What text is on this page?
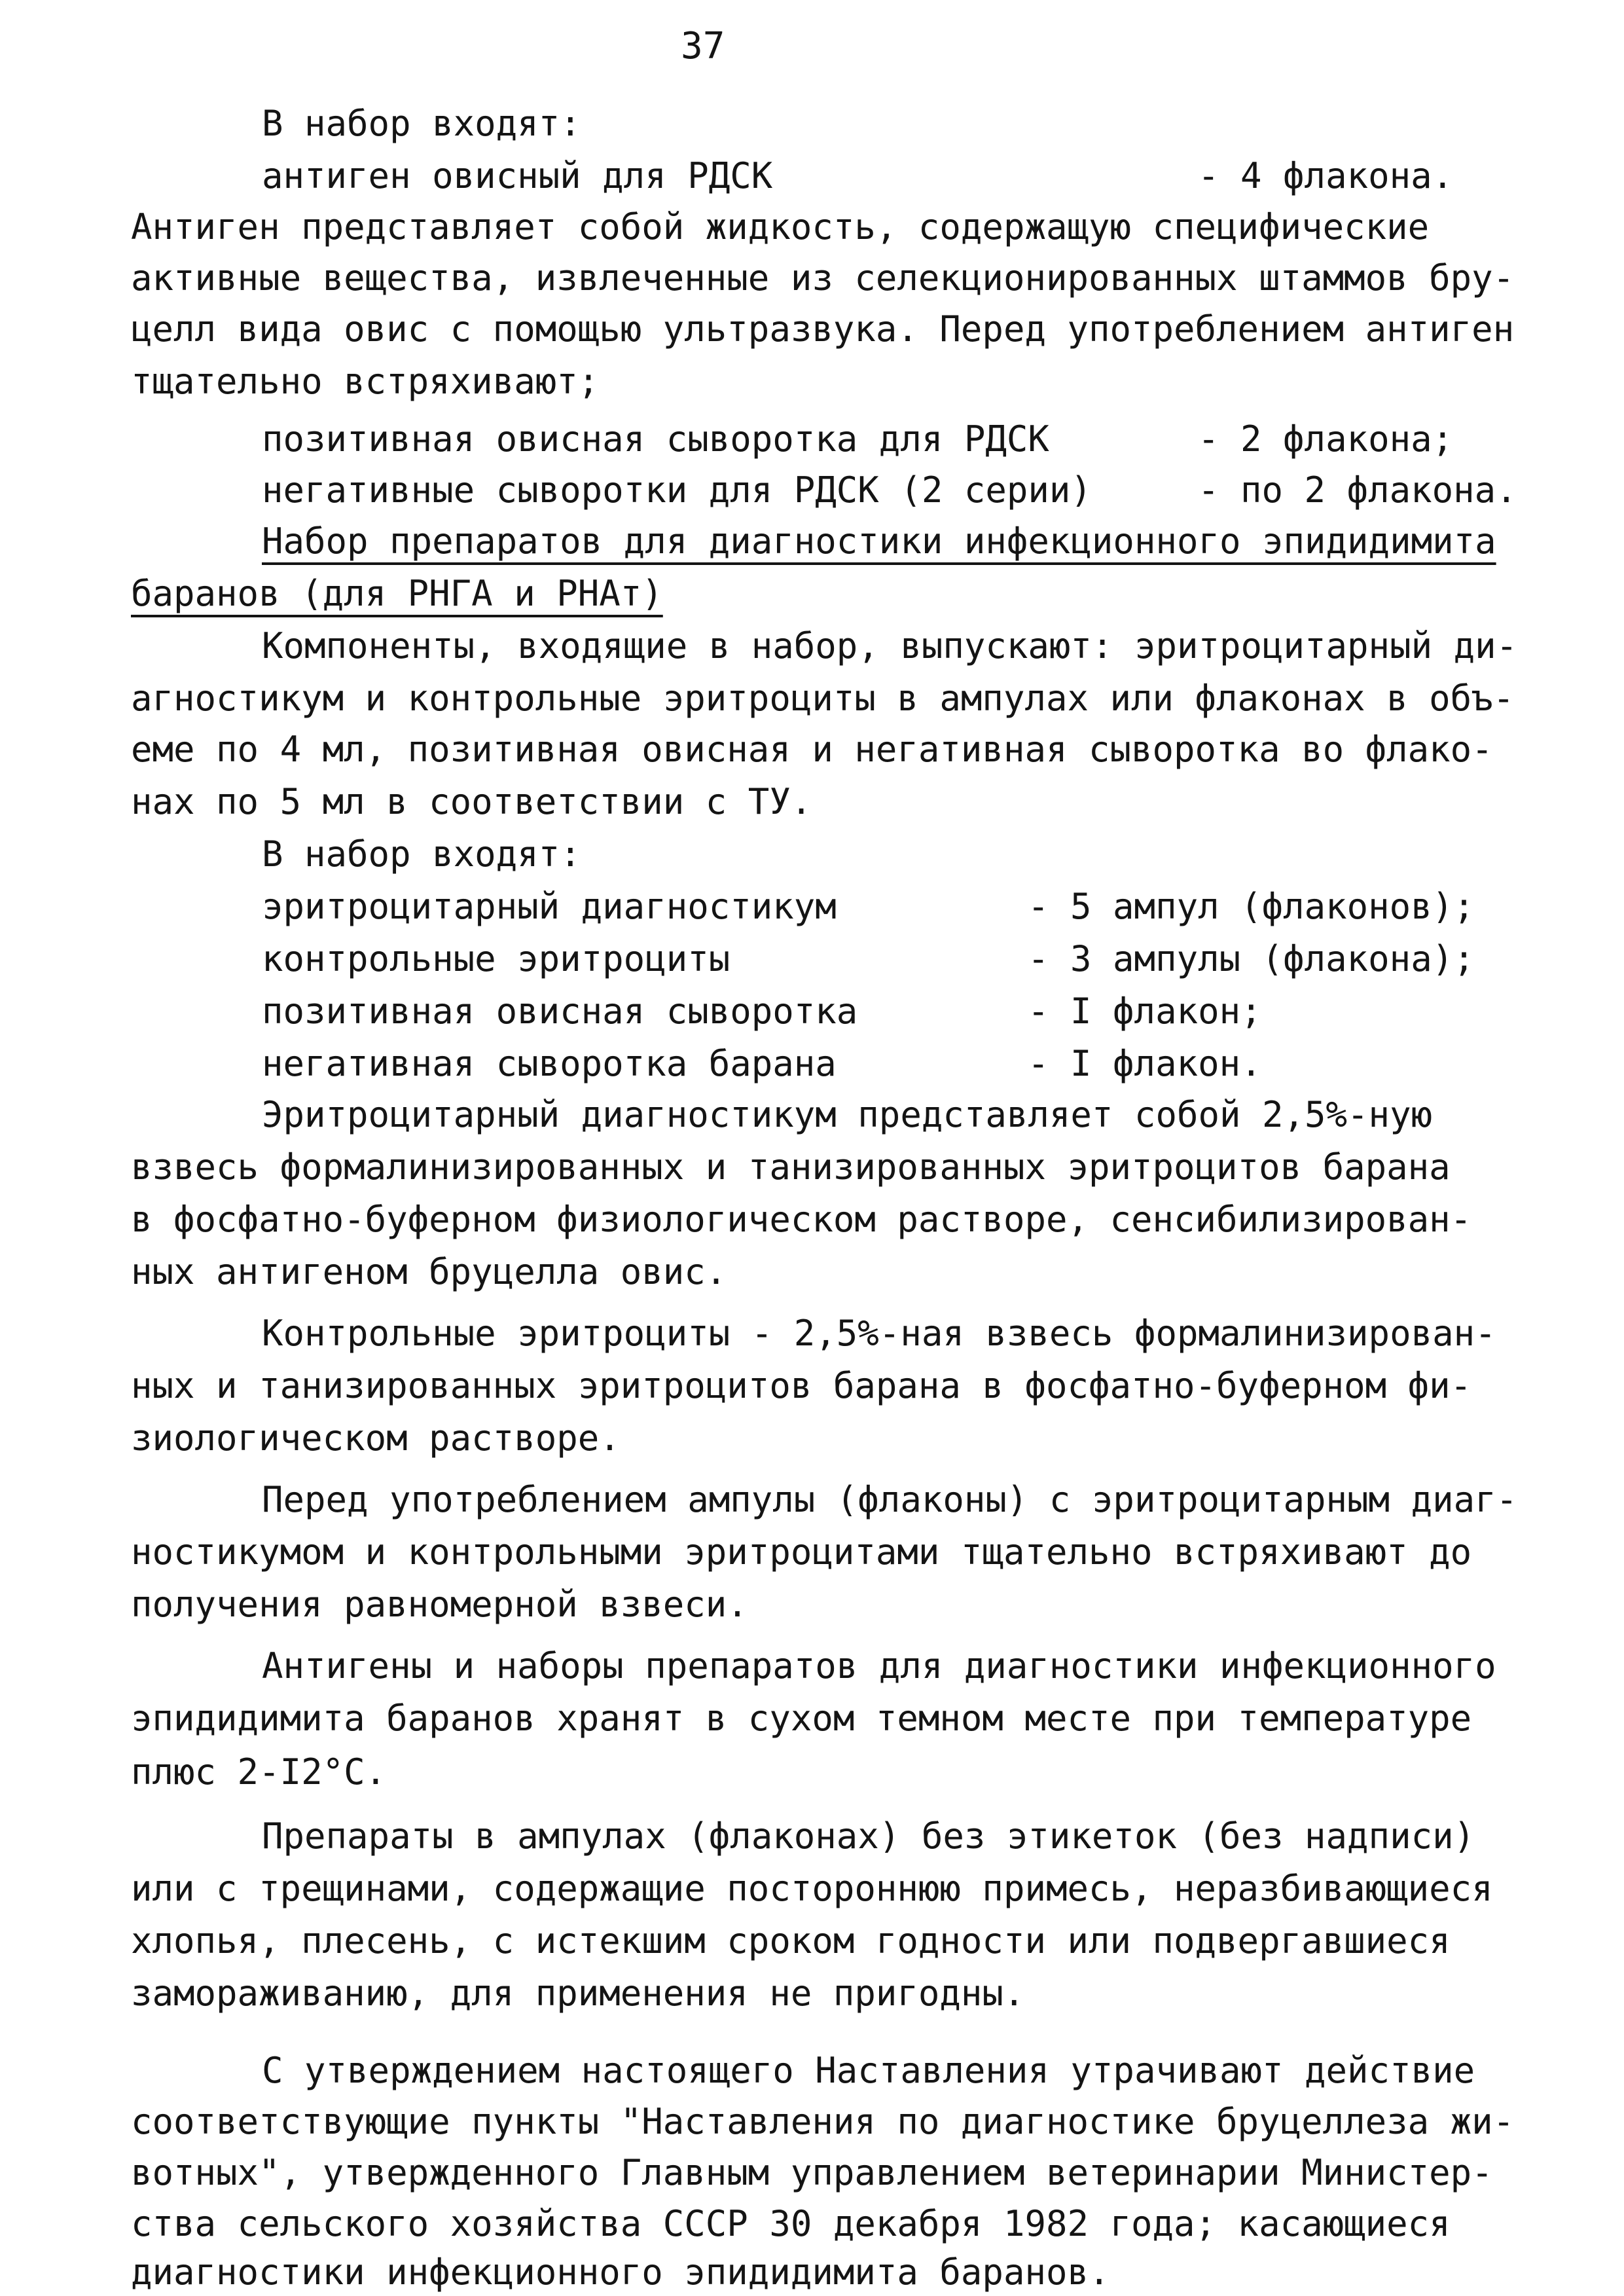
37
В набор входят:
антиген овисный для РДСК	- 4 флакона.
Антиген представляет собой жидкость, содержащую специфические
активные вещества, извлеченные из селекционированных штаммов бру-
целл вида овис с помощью ультразвука. Перед употреблением антиген
тщательно встряхивают;
позитивная овисная сыворотка для РДСК	- 2 флакона;
негативные сыворотки для РДСК (2 серии)	- по 2 флакона.
Набор препаратов для диагностики инфекционного эпидидимита
баранов (для РНГА и РНАт)
Компоненты, входящие в набор, выпускают: эритроцитарный ди-
агностикум и контрольные эритроциты в ампулах или флаконах в объ-
еме по 4 мл, позитивная овисная и негативная сыворотка во флако-
нах по 5 мл в соответствии с ТУ.
В набор входят:
эритроцитарный диагностикум	- 5 ампул (флаконов);
контрольные эритроциты	- 3 ампулы (флакона);
позитивная овисная сыворотка	- I флакон;
негативная сыворотка барана	- I флакон.
Эритроцитарный диагностикум представляет собой 2,5%-ную
взвесь формалинизированных и танизированных эритроцитов барана
в фосфатно-буферном физиологическом растворе, сенсибилизирован-
ных антигеном бруцелла овис.
Контрольные эритроциты - 2,5%-ная взвесь формалинизирован-
ных и танизированных эритроцитов барана в фосфатно-буферном фи-
зиологическом растворе.
Перед употреблением ампулы (флаконы) с эритроцитарным диаг-
ностикумом и контрольными эритроцитами тщательно встряхивают до
получения равномерной взвеси.
Антигены и наборы препаратов для диагностики инфекционного
эпидидимита баранов хранят в сухом темном месте при температуре
плюс 2-I2°С.
Препараты в ампулах (флаконах) без этикеток (без надписи)
или с трещинами, содержащие постороннюю примесь, неразбивающиеся
хлопья, плесень, с истекшим сроком годности или подвергавшиеся
замораживанию, для применения не пригодны.
С утверждением настоящего Наставления утрачивают действие
соответствующие пункты "Наставления по диагностике бруцеллеза жи-
вотных", утвержденного Главным управлением ветеринарии Министер-
ства сельского хозяйства СССР 30 декабря 1982 года; касающиеся
диагностики инфекционного эпидидимита баранов.
